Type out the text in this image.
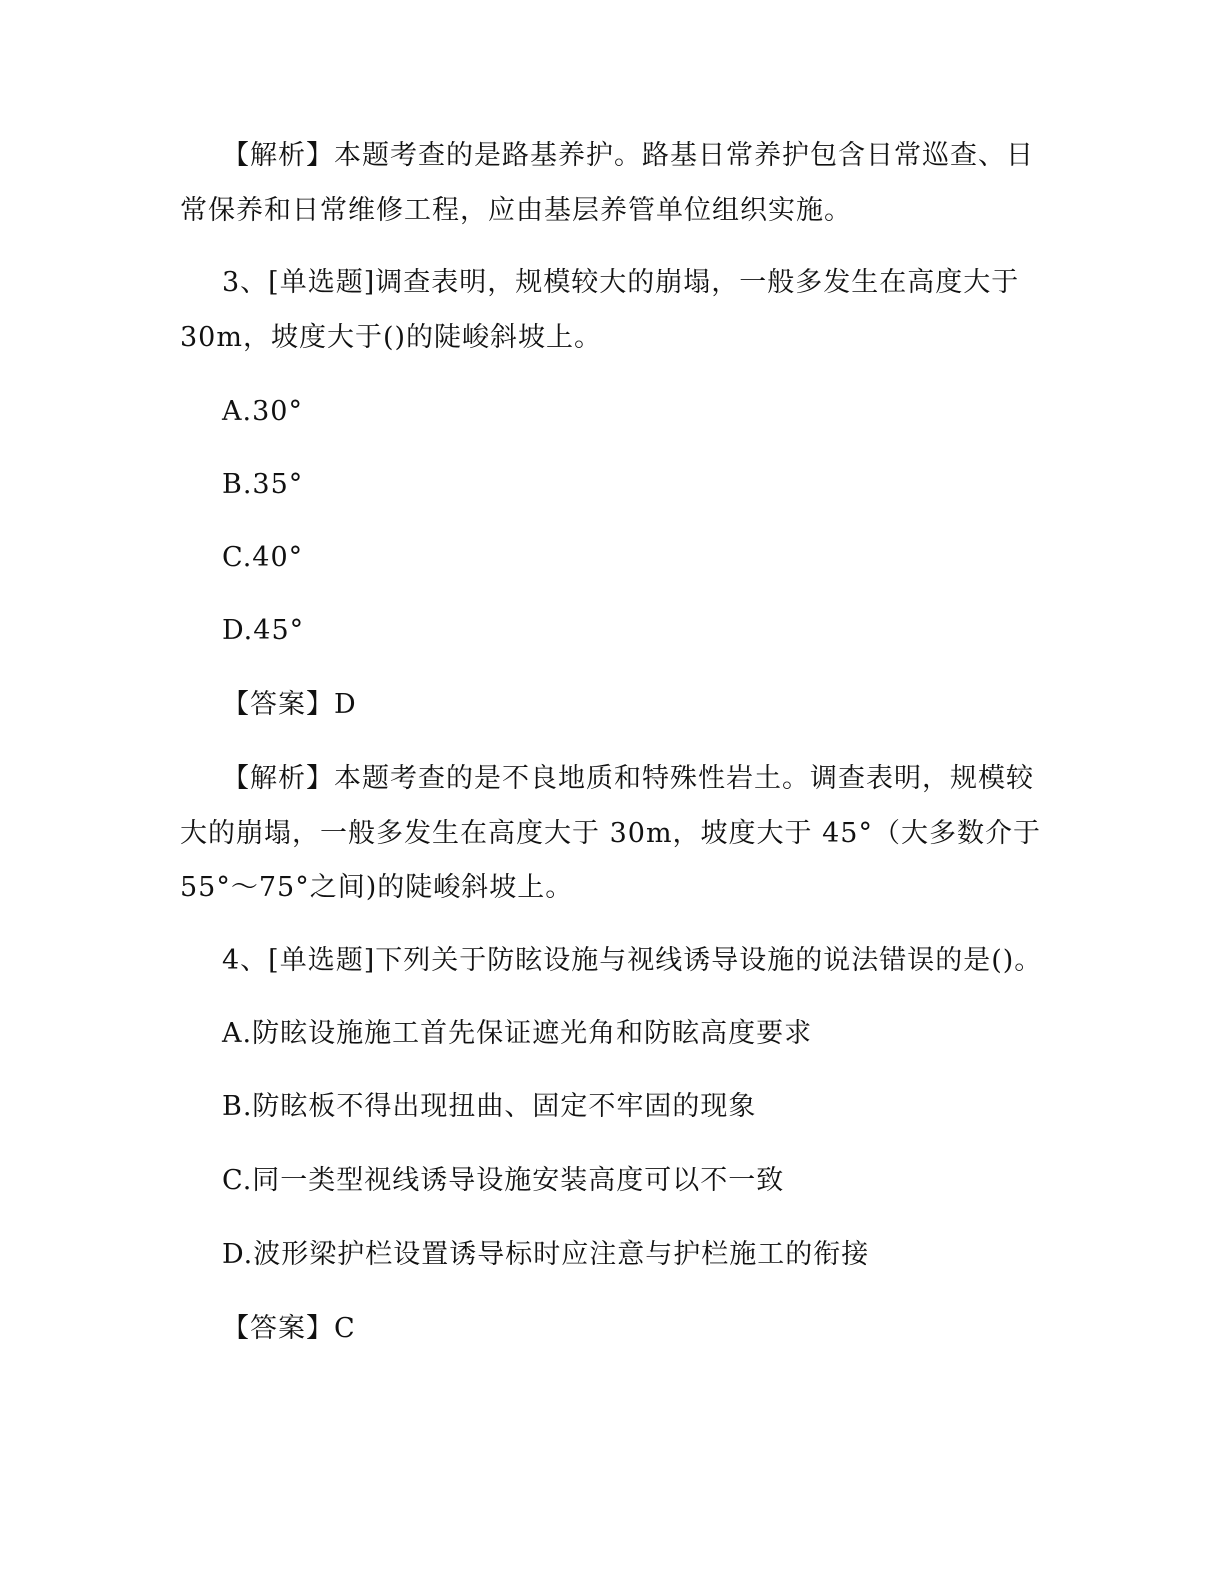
【解析】本题考查的是路基养护。路基日常养护包含日常巡查、日
常保养和日常维修工程，应由基层养管单位组织实施。
3、[单选题]调查表明，规模较大的崩塌，一般多发生在高度大于
30m，坡度大于()的陡峻斜坡上。
A.30°
B.35°
C.40°
D.45°
【答案】D
【解析】本题考查的是不良地质和特殊性岩土。调查表明，规模较
大的崩塌，一般多发生在高度大于 30m，坡度大于 45°（大多数介于
55°～75°之间)的陡峻斜坡上。
4、[单选题]下列关于防眩设施与视线诱导设施的说法错误的是()。
A.防眩设施施工首先保证遮光角和防眩高度要求
B.防眩板不得出现扭曲、固定不牢固的现象
C.同一类型视线诱导设施安装高度可以不一致
D.波形梁护栏设置诱导标时应注意与护栏施工的衔接
【答案】C
